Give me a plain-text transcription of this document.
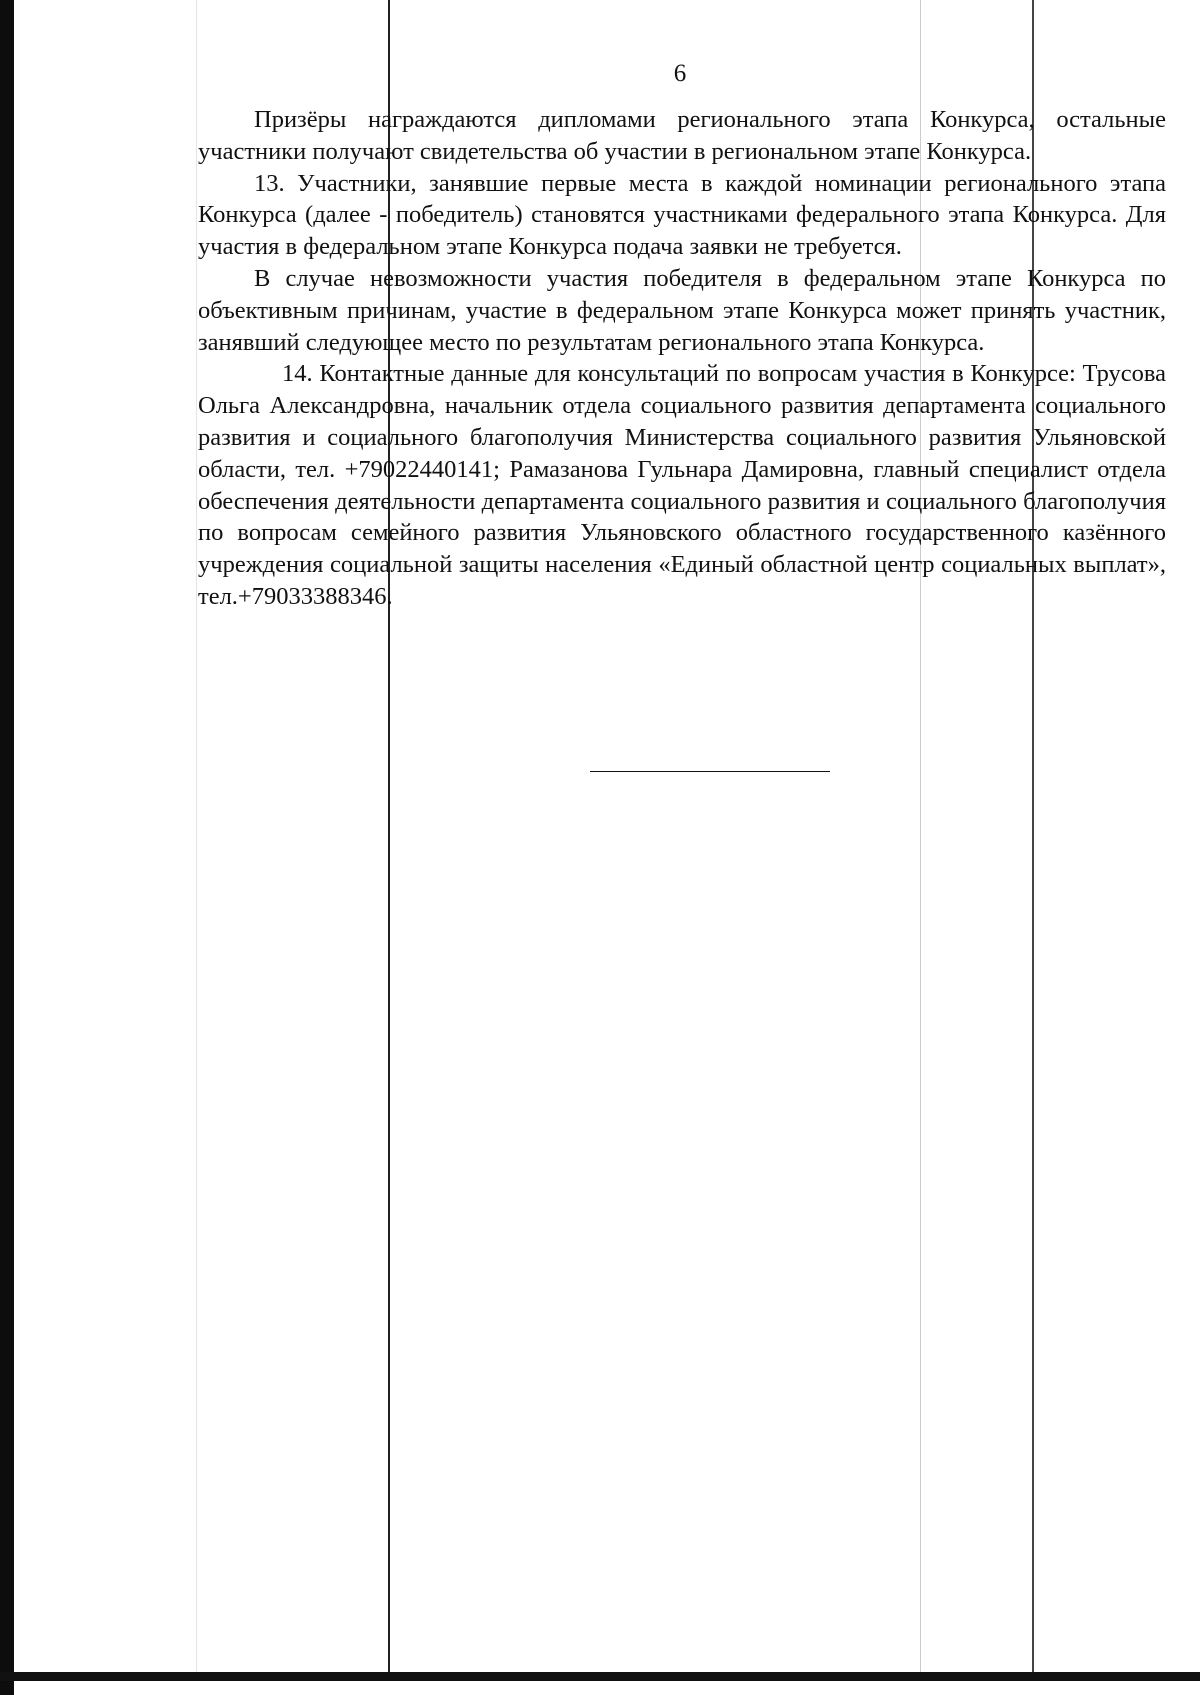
6

Призёры награждаются дипломами регионального этапа Конкурса, остальные участники получают свидетельства об участии в региональном этапе Конкурса.

13. Участники, занявшие первые места в каждой номинации регионального этапа Конкурса (далее - победитель) становятся участниками федерального этапа Конкурса. Для участия в федеральном этапе Конкурса подача заявки не требуется.

В случае невозможности участия победителя в федеральном этапе Конкурса по объективным причинам, участие в федеральном этапе Конкурса может принять участник, занявший следующее место по результатам регионального этапа Конкурса.

14. Контактные данные для консультаций по вопросам участия в Конкурсе: Трусова Ольга Александровна, начальник отдела социального развития департамента социального развития и социального благополучия Министерства социального развития Ульяновской области, тел. +79022440141; Рамазанова Гульнара Дамировна, главный специалист отдела обеспечения деятельности департамента социального развития и социального благополучия по вопросам семейного развития Ульяновского областного государственного казённого учреждения социальной защиты населения «Единый областной центр социальных выплат», тел.+79033388346.
